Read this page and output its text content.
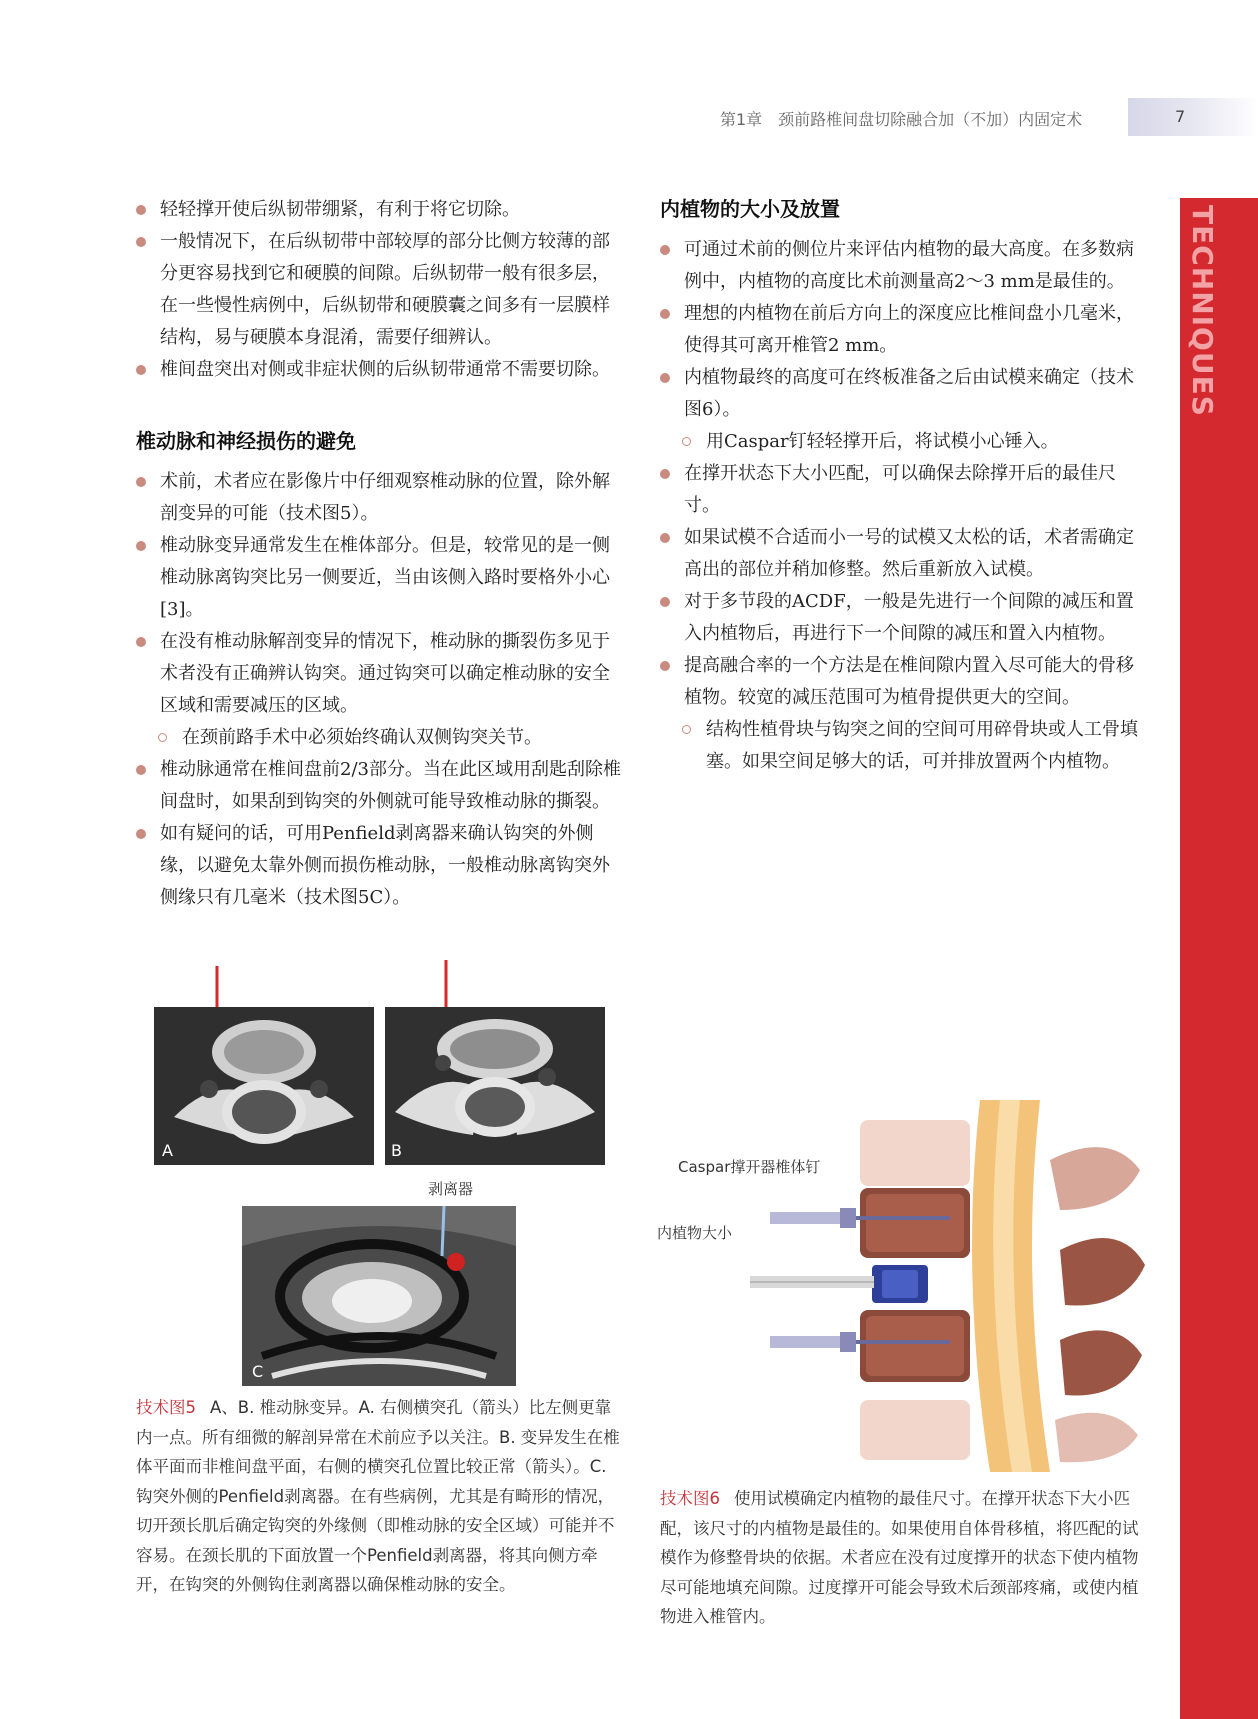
第1章　颈前路椎间盘切除融合加（不加）内固定术	7
TECHNIQUES
轻轻撑开使后纵韧带绷紧，有利于将它切除。
一般情况下，在后纵韧带中部较厚的部分比侧方较薄的部分更容易找到它和硬膜的间隙。后纵韧带一般有很多层，在一些慢性病例中，后纵韧带和硬膜囊之间多有一层膜样结构，易与硬膜本身混淆，需要仔细辨认。
椎间盘突出对侧或非症状侧的后纵韧带通常不需要切除。
椎动脉和神经损伤的避免
术前，术者应在影像片中仔细观察椎动脉的位置，除外解剖变异的可能（技术图5）。
椎动脉变异通常发生在椎体部分。但是，较常见的是一侧椎动脉离钩突比另一侧要近，当由该侧入路时要格外小心[3]。
在没有椎动脉解剖变异的情况下，椎动脉的撕裂伤多见于术者没有正确辨认钩突。通过钩突可以确定椎动脉的安全区域和需要减压的区域。
在颈前路手术中必须始终确认双侧钩突关节。
椎动脉通常在椎间盘前2/3部分。当在此区域用刮匙刮除椎间盘时，如果刮到钩突的外侧就可能导致椎动脉的撕裂。
如有疑问的话，可用Penfield剥离器来确认钩突的外侧缘，以避免太靠外侧而损伤椎动脉，一般椎动脉离钩突外侧缘只有几毫米（技术图5C）。
内植物的大小及放置
可通过术前的侧位片来评估内植物的最大高度。在多数病例中，内植物的高度比术前测量高2～3 mm是最佳的。
理想的内植物在前后方向上的深度应比椎间盘小几毫米，使得其可离开椎管2 mm。
内植物最终的高度可在终板准备之后由试模来确定（技术图6）。
用Caspar钉轻轻撑开后，将试模小心锤入。
在撑开状态下大小匹配，可以确保去除撑开后的最佳尺寸。
如果试模不合适而小一号的试模又太松的话，术者需确定高出的部位并稍加修整。然后重新放入试模。
对于多节段的ACDF，一般是先进行一个间隙的减压和置入内植物后，再进行下一个间隙的减压和置入内植物。
提高融合率的一个方法是在椎间隙内置入尽可能大的骨移植物。较宽的减压范围可为植骨提供更大的空间。
结构性植骨块与钩突之间的空间可用碎骨块或人工骨填塞。如果空间足够大的话，可并排放置两个内植物。
A	B
剥离器
C
技术图5 A、B. 椎动脉变异。A. 右侧横突孔（箭头）比左侧更靠内一点。所有细微的解剖异常在术前应予以关注。B. 变异发生在椎体平面而非椎间盘平面，右侧的横突孔位置比较正常（箭头）。C. 钩突外侧的Penfield剥离器。在有些病例，尤其是有畸形的情况，切开颈长肌后确定钩突的外缘侧（即椎动脉的安全区域）可能并不容易。在颈长肌的下面放置一个Penfield剥离器，将其向侧方牵开，在钩突的外侧钩住剥离器以确保椎动脉的安全。
Caspar撑开器椎体钉
内植物大小
技术图6 使用试模确定内植物的最佳尺寸。在撑开状态下大小匹配，该尺寸的内植物是最佳的。如果使用自体骨移植，将匹配的试模作为修整骨块的依据。术者应在没有过度撑开的状态下使内植物尽可能地填充间隙。过度撑开可能会导致术后颈部疼痛，或使内植物进入椎管内。
